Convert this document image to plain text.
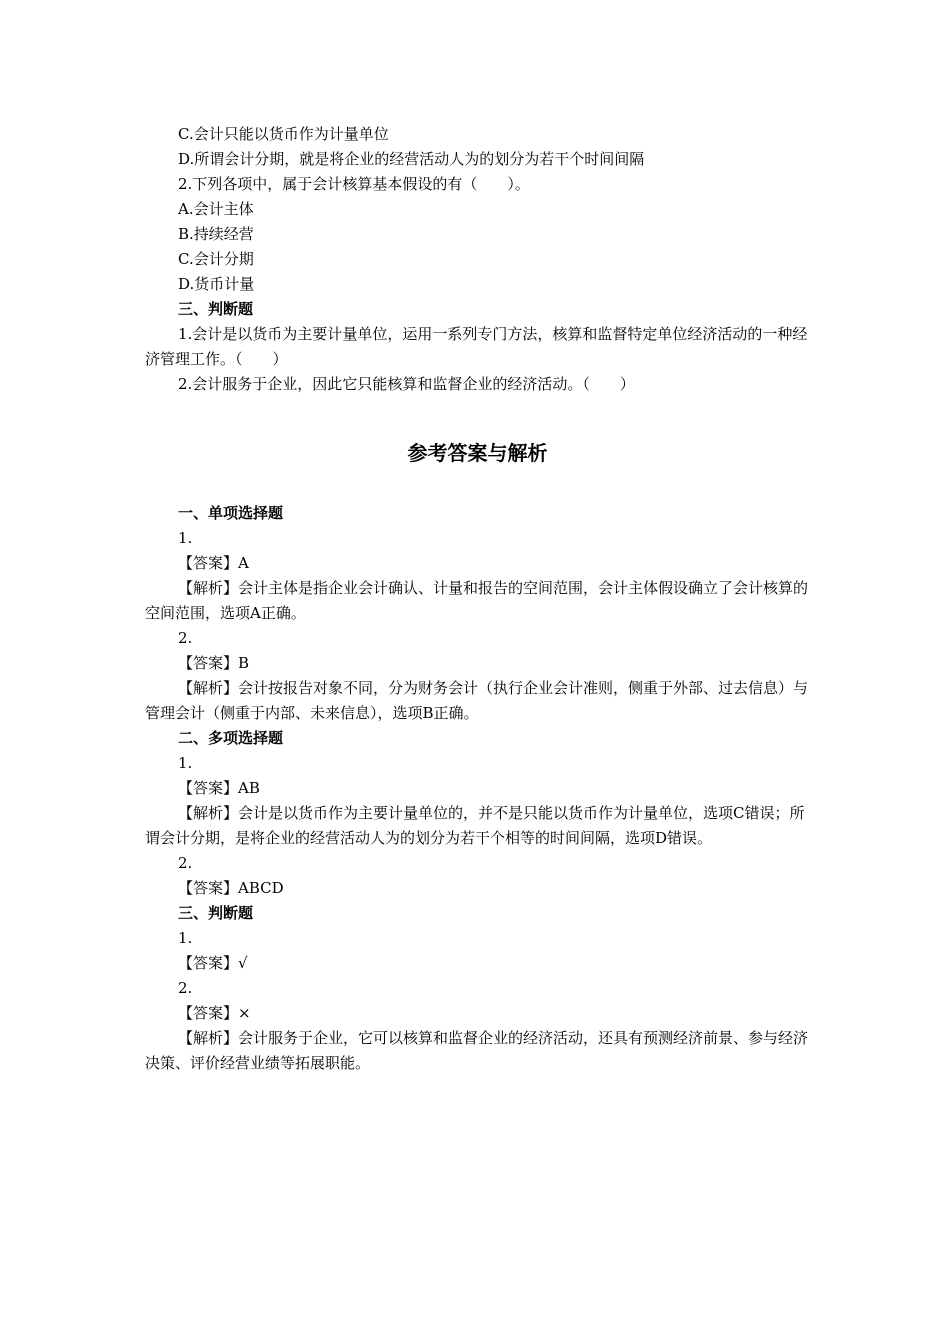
C.会计只能以货币作为计量单位

D.所谓会计分期，就是将企业的经营活动人为的划分为若干个时间间隔

2.下列各项中，属于会计核算基本假设的有（　　）。

A.会计主体

B.持续经营

C.会计分期

D.货币计量

三、判断题

1.会计是以货币为主要计量单位，运用一系列专门方法，核算和监督特定单位经济活动的一种经济管理工作。（　　）

2.会计服务于企业，因此它只能核算和监督企业的经济活动。（　　）

参考答案与解析

一、单项选择题

1.

【答案】A

【解析】会计主体是指企业会计确认、计量和报告的空间范围，会计主体假设确立了会计核算的空间范围，选项A正确。

2.

【答案】B

【解析】会计按报告对象不同，分为财务会计（执行企业会计准则，侧重于外部、过去信息）与管理会计（侧重于内部、未来信息），选项B正确。

二、多项选择题

1.

【答案】AB

【解析】会计是以货币作为主要计量单位的，并不是只能以货币作为计量单位，选项C错误；所谓会计分期，是将企业的经营活动人为的划分为若干个相等的时间间隔，选项D错误。

2.

【答案】ABCD

三、判断题

1.

【答案】√

2.

【答案】×

【解析】会计服务于企业，它可以核算和监督企业的经济活动，还具有预测经济前景、参与经济决策、评价经营业绩等拓展职能。
